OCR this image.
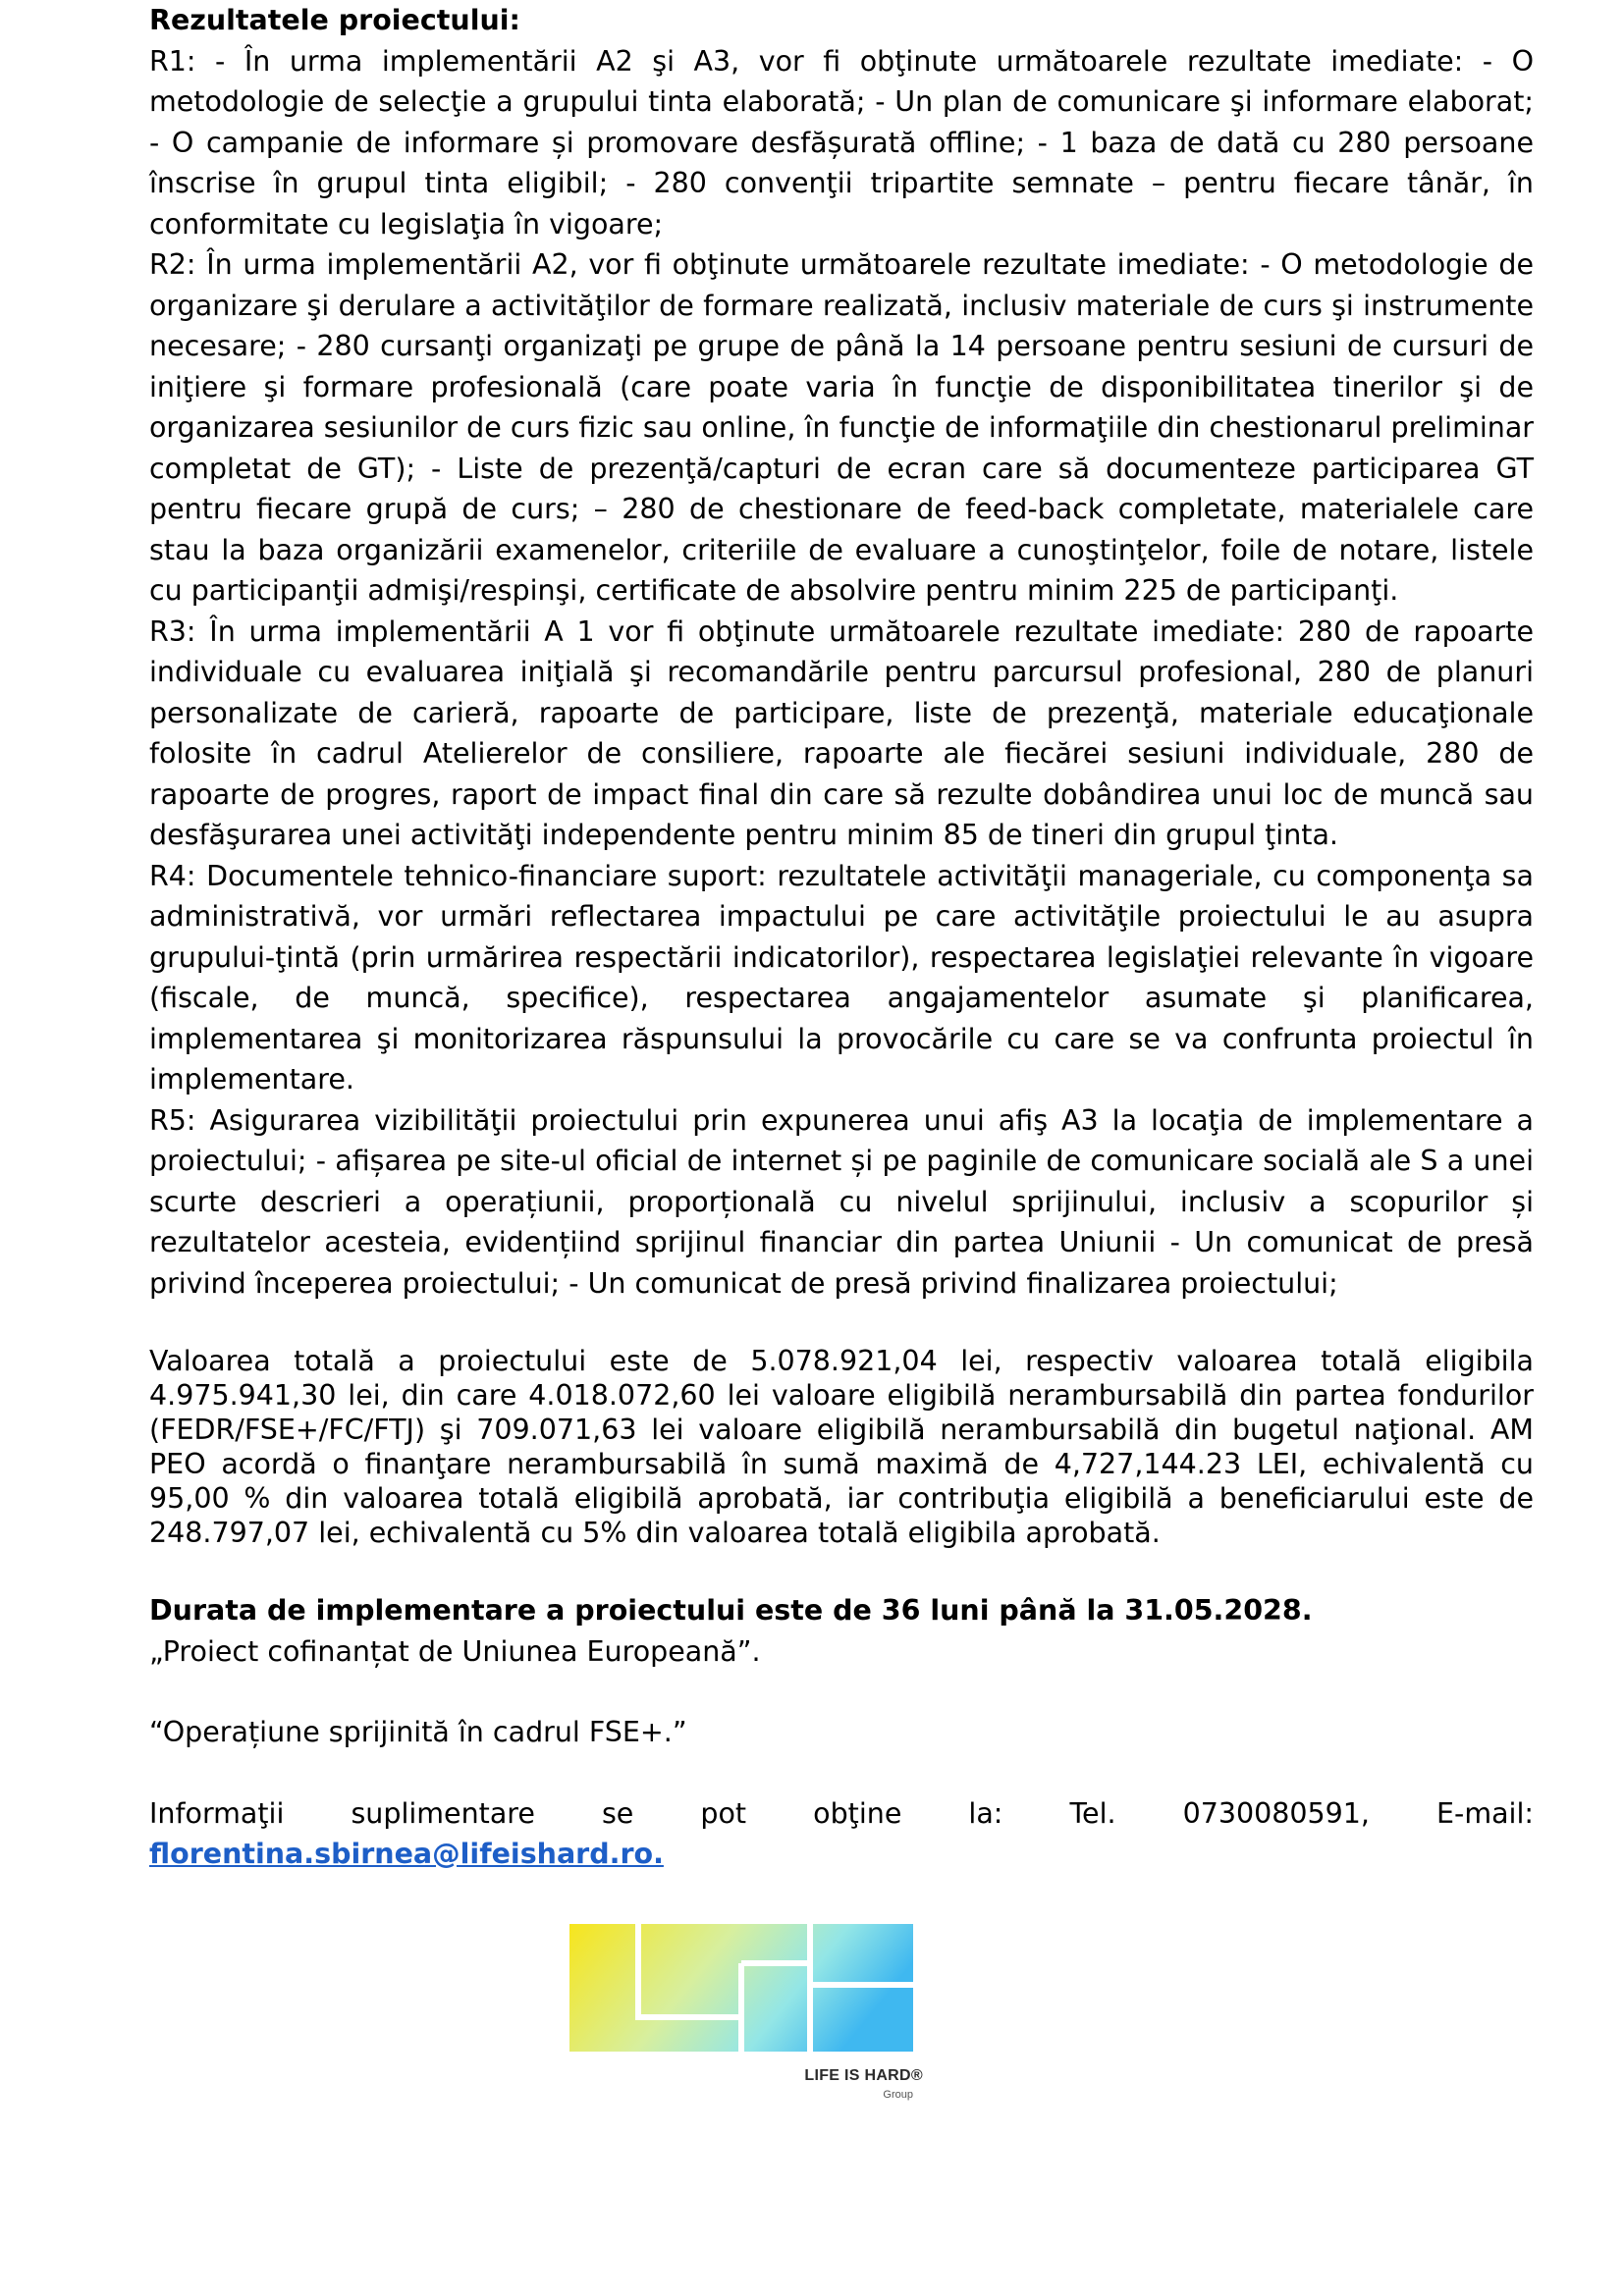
Rezultatele proiectului:

R1: - În urma implementării A2 şi A3, vor fi obţinute următoarele rezultate imediate: - O metodologie de selecţie a grupului tinta elaborată; - Un plan de comunicare şi informare elaborat; - O campanie de informare și promovare desfășurată offline; - 1 baza de dată cu 280 persoane înscrise în grupul tinta eligibil; - 280 convenţii tripartite semnate – pentru fiecare tânăr, în conformitate cu legislaţia în vigoare;

R2: În urma implementării A2, vor fi obţinute următoarele rezultate imediate: - O metodologie de organizare şi derulare a activităţilor de formare realizată, inclusiv materiale de curs şi instrumente necesare; - 280 cursanţi organizaţi pe grupe de până la 14 persoane pentru sesiuni de cursuri de iniţiere şi formare profesională (care poate varia în funcţie de disponibilitatea tinerilor şi de organizarea sesiunilor de curs fizic sau online, în funcţie de informaţiile din chestionarul preliminar completat de GT); - Liste de prezenţă/capturi de ecran care să documenteze participarea GT pentru fiecare grupă de curs; – 280 de chestionare de feed-back completate, materialele care stau la baza organizării examenelor, criteriile de evaluare a cunoştinţelor, foile de notare, listele cu participanţii admişi/respinşi, certificate de absolvire pentru minim 225 de participanţi.

R3: În urma implementării A 1 vor fi obţinute următoarele rezultate imediate: 280 de rapoarte individuale cu evaluarea iniţială şi recomandările pentru parcursul profesional, 280 de planuri personalizate de carieră, rapoarte de participare, liste de prezenţă, materiale educaţionale folosite în cadrul Atelierelor de consiliere, rapoarte ale fiecărei sesiuni individuale, 280 de rapoarte de progres, raport de impact final din care să rezulte dobândirea unui loc de muncă sau desfăşurarea unei activităţi independente pentru minim 85 de tineri din grupul ţinta.

R4: Documentele tehnico-financiare suport: rezultatele activităţii manageriale, cu componenţa sa administrativă, vor urmări reflectarea impactului pe care activităţile proiectului le au asupra grupului-ţintă (prin urmărirea respectării indicatorilor), respectarea legislaţiei relevante în vigoare (fiscale, de muncă, specifice), respectarea angajamentelor asumate şi planificarea, implementarea şi monitorizarea răspunsului la provocările cu care se va confrunta proiectul în implementare.

R5: Asigurarea vizibilităţii proiectului prin expunerea unui afiş A3 la locaţia de implementare a proiectului; - afișarea pe site-ul oficial de internet și pe paginile de comunicare socială ale S a unei scurte descrieri a operațiunii, proporțională cu nivelul sprijinului, inclusiv a scopurilor și rezultatelor acesteia, evidențiind sprijinul financiar din partea Uniunii - Un comunicat de presă privind începerea proiectului; - Un comunicat de presă privind finalizarea proiectului;

Valoarea totală a proiectului este de 5.078.921,04 lei, respectiv valoarea totală eligibila 4.975.941,30 lei, din care 4.018.072,60 lei valoare eligibilă nerambursabilă din partea fondurilor (FEDR/FSE+/FC/FTJ) şi 709.071,63 lei valoare eligibilă nerambursabilă din bugetul naţional. AM PEO acordă o finanţare nerambursabilă în sumă maximă de 4,727,144.23 LEI, echivalentă cu 95,00 % din valoarea totală eligibilă aprobată, iar contribuţia eligibilă a beneficiarului este de 248.797,07 lei, echivalentă cu 5% din valoarea totală eligibila aprobată.

Durata de implementare a proiectului este de 36 luni până la 31.05.2028.

„Proiect cofinanțat de Uniunea Europeană”.

“Operațiune sprijinită în cadrul FSE+.”

Informaţii suplimentare se pot obţine la: Tel. 0730080591, E-mail: florentina.sbirnea@lifeishard.ro.

LIFE IS HARD®
Group
